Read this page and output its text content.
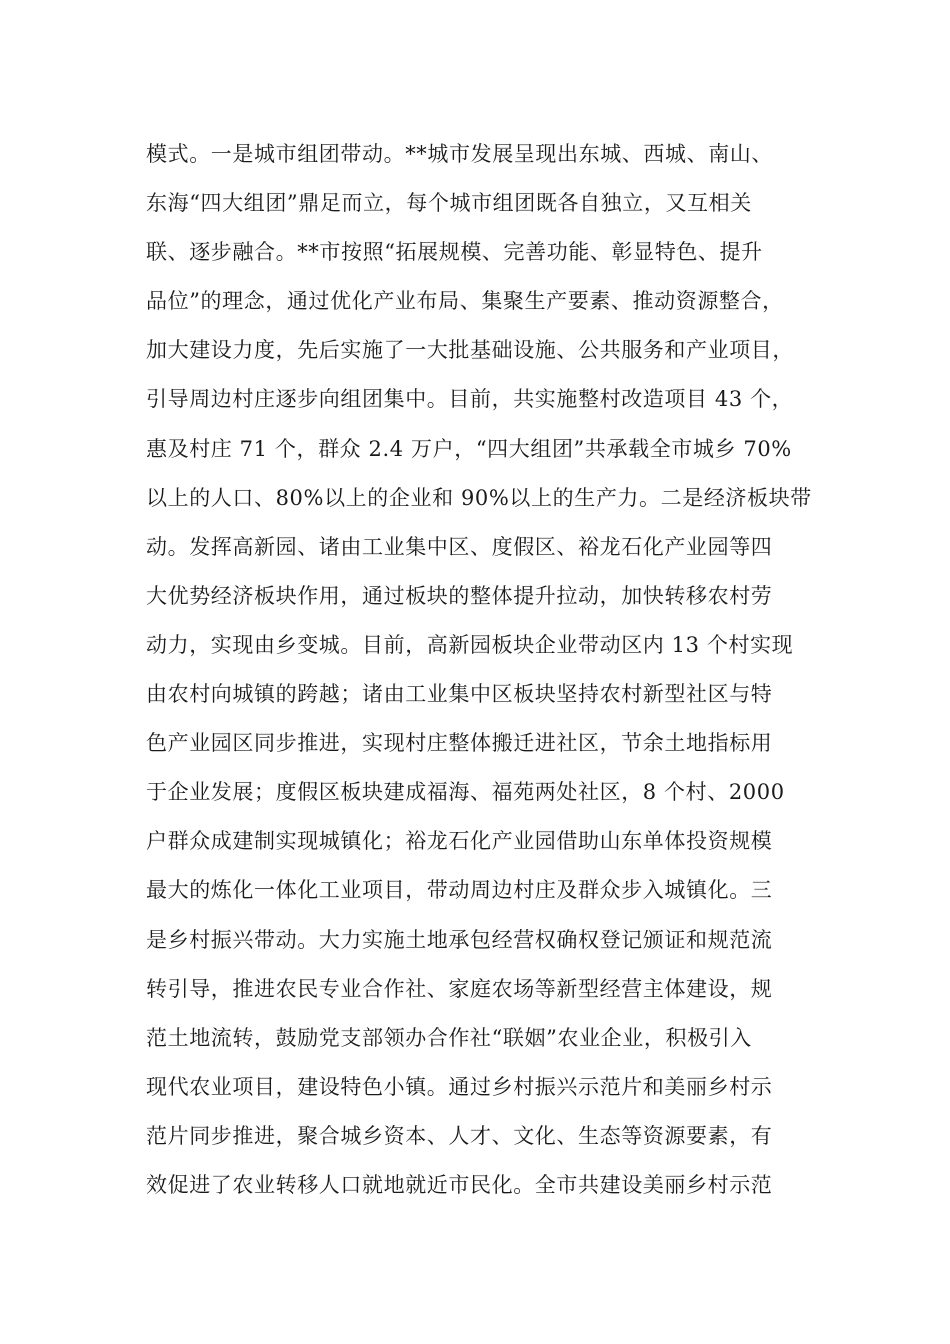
模式。一是城市组团带动。**城市发展呈现出东城、西城、南山、
东海“四大组团”鼎足而立，每个城市组团既各自独立，又互相关
联、逐步融合。**市按照“拓展规模、完善功能、彰显特色、提升
品位”的理念，通过优化产业布局、集聚生产要素、推动资源整合，
加大建设力度，先后实施了一大批基础设施、公共服务和产业项目，
引导周边村庄逐步向组团集中。目前，共实施整村改造项目 43 个，
惠及村庄 71 个，群众 2.4 万户，“四大组团”共承载全市城乡 70%
以上的人口、80%以上的企业和 90%以上的生产力。二是经济板块带
动。发挥高新园、诸由工业集中区、度假区、裕龙石化产业园等四
大优势经济板块作用，通过板块的整体提升拉动，加快转移农村劳
动力，实现由乡变城。目前，高新园板块企业带动区内 13 个村实现
由农村向城镇的跨越；诸由工业集中区板块坚持农村新型社区与特
色产业园区同步推进，实现村庄整体搬迁进社区，节余土地指标用
于企业发展；度假区板块建成福海、福苑两处社区，8 个村、2000
户群众成建制实现城镇化；裕龙石化产业园借助山东单体投资规模
最大的炼化一体化工业项目，带动周边村庄及群众步入城镇化。三
是乡村振兴带动。大力实施土地承包经营权确权登记颁证和规范流
转引导，推进农民专业合作社、家庭农场等新型经营主体建设，规
范土地流转，鼓励党支部领办合作社“联姻”农业企业，积极引入
现代农业项目，建设特色小镇。通过乡村振兴示范片和美丽乡村示
范片同步推进，聚合城乡资本、人才、文化、生态等资源要素，有
效促进了农业转移人口就地就近市民化。全市共建设美丽乡村示范
